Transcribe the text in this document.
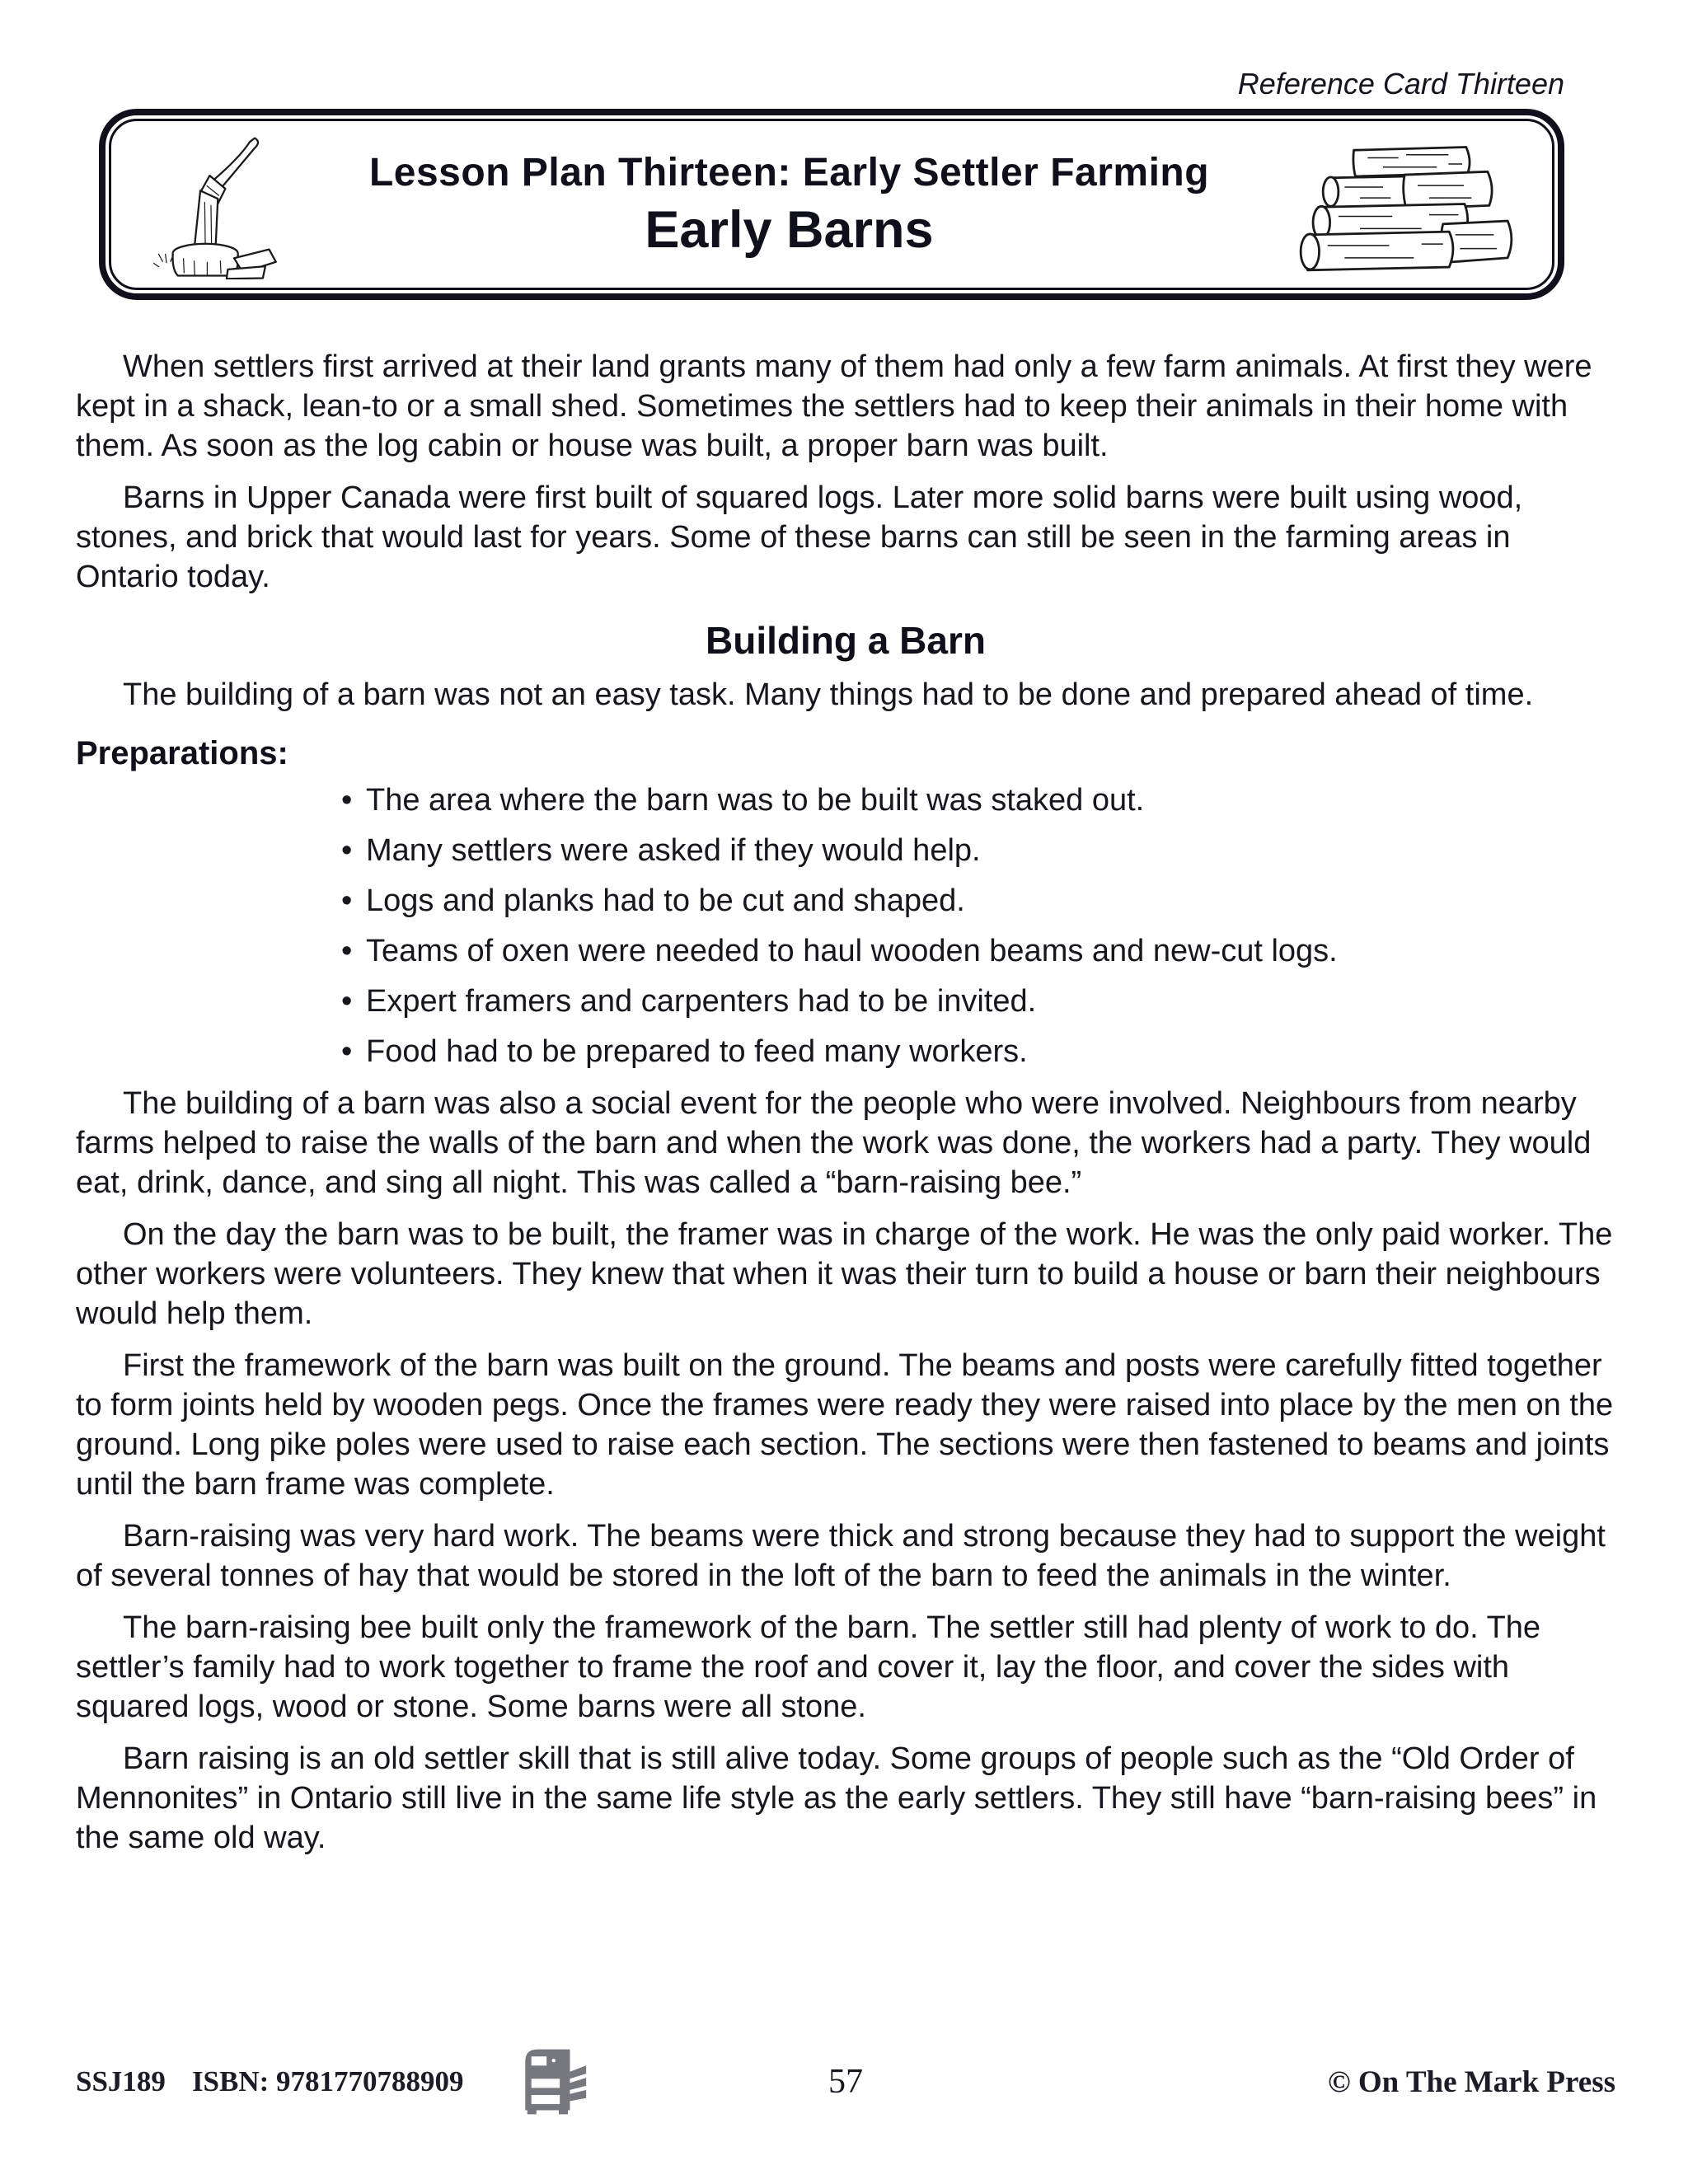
Reference Card Thirteen
Lesson Plan Thirteen: Early Settler Farming
Early Barns

When settlers first arrived at their land grants many of them had only a few farm animals. At first they were kept in a shack, lean-to or a small shed. Sometimes the settlers had to keep their animals in their home with them. As soon as the log cabin or house was built, a proper barn was built.

Barns in Upper Canada were first built of squared logs. Later more solid barns were built using wood, stones, and brick that would last for years. Some of these barns can still be seen in the farming areas in Ontario today.

Building a Barn

The building of a barn was not an easy task. Many things had to be done and prepared ahead of time.

Preparations:
• The area where the barn was to be built was staked out.
• Many settlers were asked if they would help.
• Logs and planks had to be cut and shaped.
• Teams of oxen were needed to haul wooden beams and new-cut logs.
• Expert framers and carpenters had to be invited.
• Food had to be prepared to feed many workers.

The building of a barn was also a social event for the people who were involved. Neighbours from nearby farms helped to raise the walls of the barn and when the work was done, the workers had a party. They would eat, drink, dance, and sing all night. This was called a “barn-raising bee.”

On the day the barn was to be built, the framer was in charge of the work. He was the only paid worker. The other workers were volunteers. They knew that when it was their turn to build a house or barn their neighbours would help them.

First the framework of the barn was built on the ground. The beams and posts were carefully fitted together to form joints held by wooden pegs. Once the frames were ready they were raised into place by the men on the ground. Long pike poles were used to raise each section. The sections were then fastened to beams and joints until the barn frame was complete.

Barn-raising was very hard work. The beams were thick and strong because they had to support the weight of several tonnes of hay that would be stored in the loft of the barn to feed the animals in the winter.

The barn-raising bee built only the framework of the barn. The settler still had plenty of work to do. The settler’s family had to work together to frame the roof and cover it, lay the floor, and cover the sides with squared logs, wood or stone. Some barns were all stone.

Barn raising is an old settler skill that is still alive today. Some groups of people such as the “Old Order of Mennonites” in Ontario still live in the same life style as the early settlers. They still have “barn-raising bees” in the same old way.

SSJ189 ISBN: 9781770788909	57	© On The Mark Press
